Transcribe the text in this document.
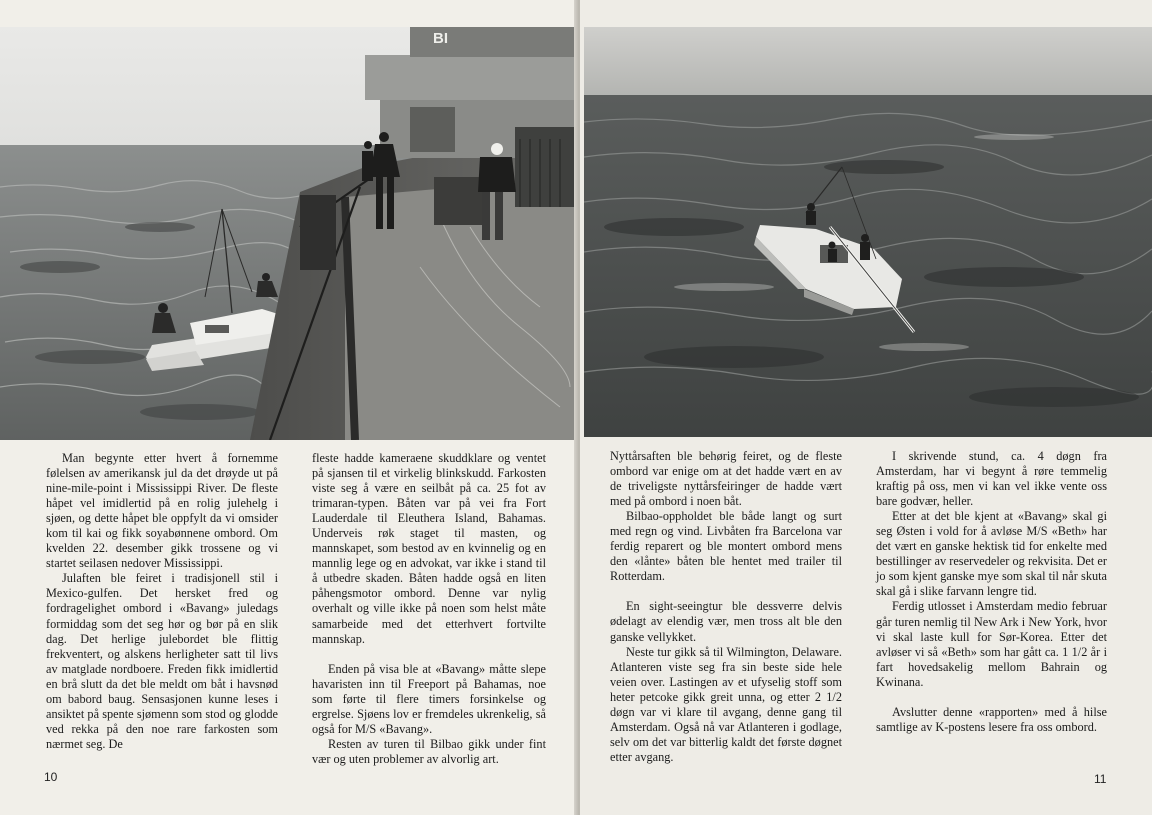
BI

Man begynte etter hvert å fornemme følelsen av amerikansk jul da det drøyde ut på nine-mile-point i Mississippi River. De fleste håpet vel imidlertid på en rolig julehelg i sjøen, og dette håpet ble oppfylt da vi omsider kom til kai og fikk soyabønnene ombord. Om kvelden 22. desember gikk trossene og vi startet seilasen nedover Mississippi.

Julaften ble feiret i tradisjonell stil i Mexico-gulfen. Det hersket fred og fordragelighet ombord i «Bavang» juledags formiddag som det seg hør og bør på en slik dag. Det herlige julebordet ble flittig frekventert, og alskens herligheter satt til livs av matglade nordboere. Freden fikk imidlertid en brå slutt da det ble meldt om båt i havsnød om babord baug. Sensasjonen kunne leses i ansiktet på spente sjømenn som stod og glodde ved rekka på den noe rare farkosten som nærmet seg. De

fleste hadde kameraene skuddklare og ventet på sjansen til et virkelig blinkskudd. Farkosten viste seg å være en seilbåt på ca. 25 fot av trimaran-typen. Båten var på vei fra Fort Lauderdale til Eleuthera Island, Bahamas. Underveis røk staget til masten, og mannskapet, som bestod av en kvinnelig og en mannlig lege og en advokat, var ikke i stand til å utbedre skaden. Båten hadde også en liten påhengsmotor ombord. Denne var nylig overhalt og ville ikke på noen som helst måte samarbeide med det etterhvert fortvilte mannskap.

Enden på visa ble at «Bavang» måtte slepe havaristen inn til Freeport på Bahamas, noe som førte til flere timers forsinkelse og ergrelse. Sjøens lov er fremdeles ukrenkelig, så også for M/S «Bavang».

Resten av turen til Bilbao gikk under fint vær og uten problemer av alvorlig art.

10

Nyttårsaften ble behørig feiret, og de fleste ombord var enige om at det hadde vært en av de triveligste nyttårsfeiringer de hadde vært med på ombord i noen båt.

Bilbao-oppholdet ble både langt og surt med regn og vind. Livbåten fra Barcelona var ferdig reparert og ble montert ombord mens den «lånte» båten ble hentet med trailer til Rotterdam.

En sight-seeingtur ble dessverre delvis ødelagt av elendig vær, men tross alt ble den ganske vellykket.

Neste tur gikk så til Wilmington, Delaware. Atlanteren viste seg fra sin beste side hele veien over. Lastingen av et ufyselig stoff som heter petcoke gikk greit unna, og etter 2 1/2 døgn var vi klare til avgang, denne gang til Amsterdam. Også nå var Atlanteren i godlage, selv om det var bitterlig kaldt det første døgnet etter avgang.

I skrivende stund, ca. 4 døgn fra Amsterdam, har vi begynt å røre temmelig kraftig på oss, men vi kan vel ikke vente oss bare godvær, heller.

Etter at det ble kjent at «Bavang» skal gi seg Østen i vold for å avløse M/S «Beth» har det vært en ganske hektisk tid for enkelte med bestillinger av reservedeler og rekvisita. Det er jo som kjent ganske mye som skal til når skuta skal gå i slike farvann lengre tid.

Ferdig utlosset i Amsterdam medio februar går turen nemlig til New Ark i New York, hvor vi skal laste kull for Sør-Korea. Etter det avløser vi så «Beth» som har gått ca. 1 1/2 år i fart hovedsakelig mellom Bahrain og Kwinana.

Avslutter denne «rapporten» med å hilse samtlige av K-postens lesere fra oss ombord.

11
